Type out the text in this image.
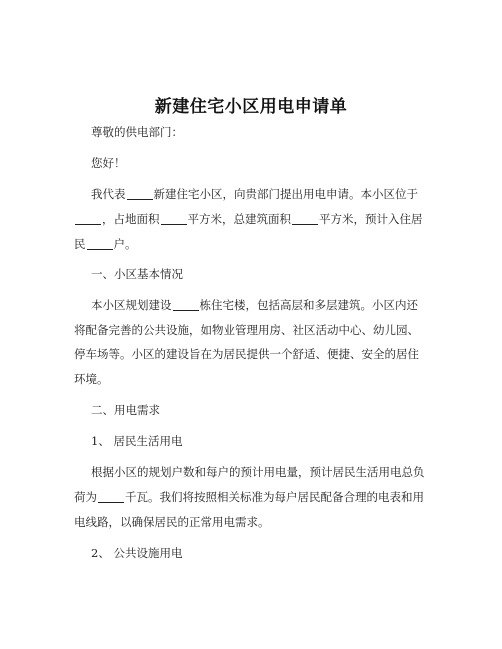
新建住宅小区用电申请单
尊敬的供电部门：
您好！
我代表 新建住宅小区，向贵部门提出用电申请。本小区位于
，占地面积 平方米，总建筑面积 平方米，预计入住居
民 户。
一、小区基本情况
本小区规划建设 栋住宅楼，包括高层和多层建筑。小区内还
将配备完善的公共设施，如物业管理用房、社区活动中心、幼儿园、
停车场等。小区的建设旨在为居民提供一个舒适、便捷、安全的居住
环境。
二、用电需求
1、 居民生活用电
根据小区的规划户数和每户的预计用电量，预计居民生活用电总负
荷为 千瓦。我们将按照相关标准为每户居民配备合理的电表和用
电线路，以确保居民的正常用电需求。
2、 公共设施用电
